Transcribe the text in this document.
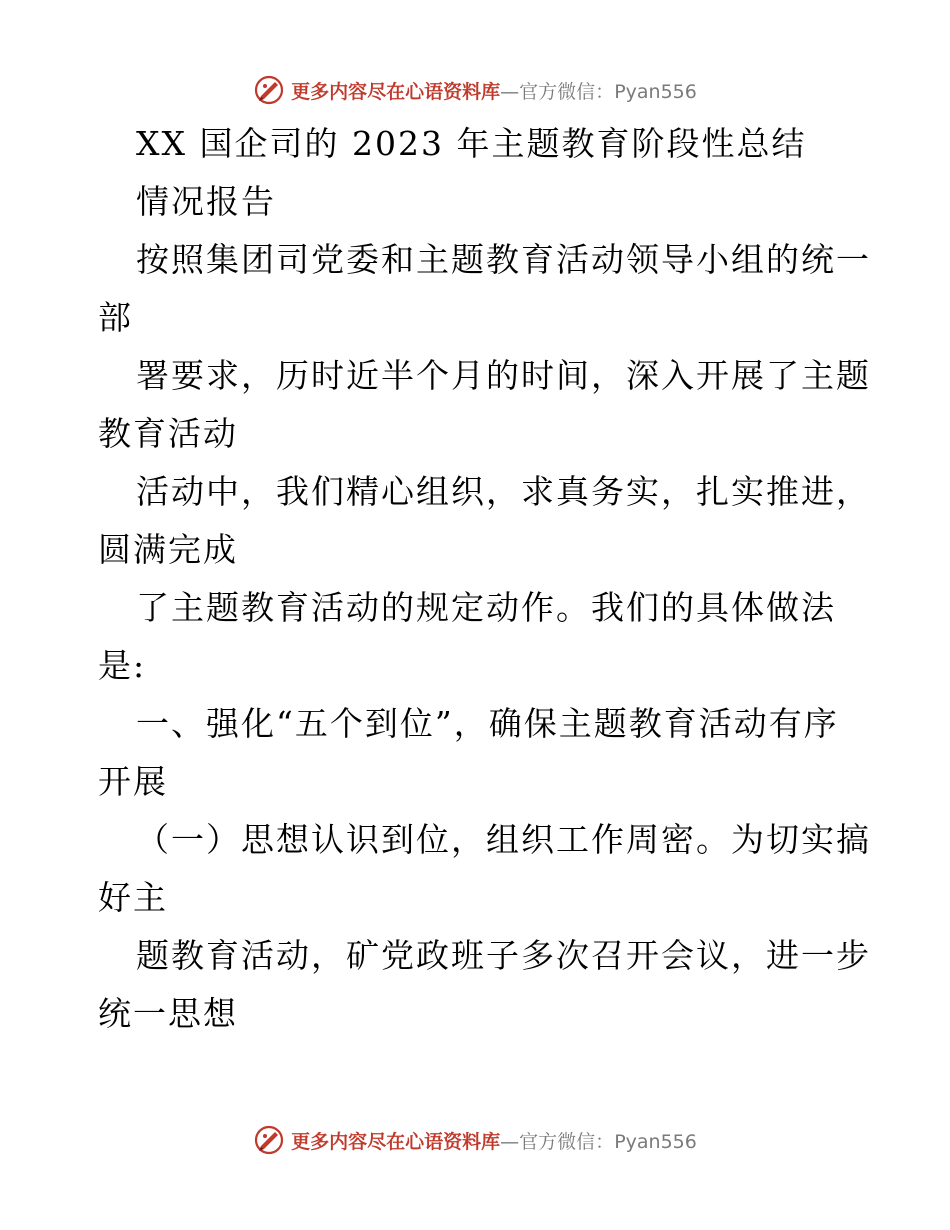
更多内容尽在心语资料库—官方微信：Pyan556
XX 国企司的 2023 年主题教育阶段性总结
情况报告
按照集团司党委和主题教育活动领导小组的统一
部
署要求，历时近半个月的时间，深入开展了主题
教育活动
活动中，我们精心组织，求真务实，扎实推进，
圆满完成
了主题教育活动的规定动作。我们的具体做法
是:
一、强化“五个到位”，确保主题教育活动有序
开展
（一）思想认识到位，组织工作周密。为切实搞
好主
题教育活动，矿党政班子多次召开会议，进一步
统一思想
更多内容尽在心语资料库—官方微信：Pyan556
